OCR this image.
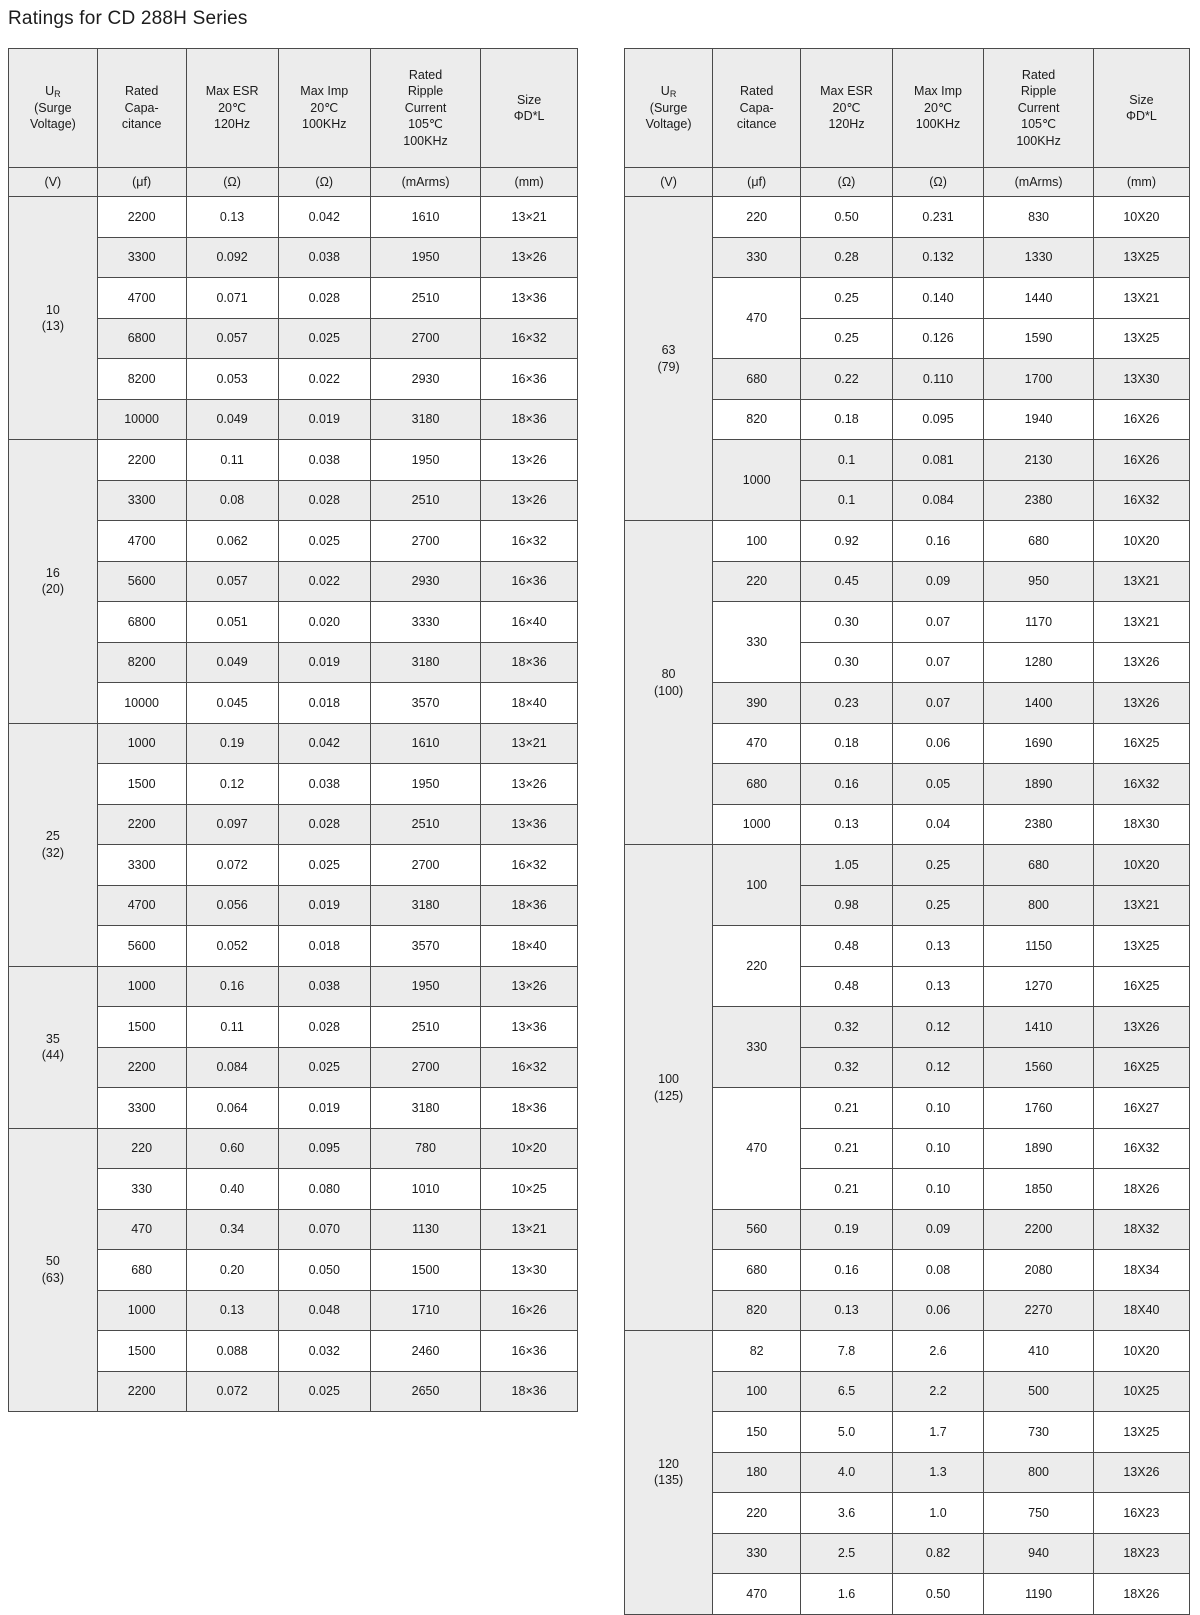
Ratings for CD 288H Series
$U_R$
(Surge
Voltage)	Rated
Capa-
citance	Max ESR
20℃
120Hz	Max Imp
20℃
100KHz	Rated
Ripple
Current
105℃
100KHz	Size
ΦD*L

(V)	(μf)	(Ω)	(Ω)	(mArms)	(mm)

10
(13)	2200	0.13	0.042	1610	13×21
	3300	0.092	0.038	1950	13×26
	4700	0.071	0.028	2510	13×36
	6800	0.057	0.025	2700	16×32
	8200	0.053	0.022	2930	16×36
	10000	0.049	0.019	3180	18×36

16
(20)	2200	0.11	0.038	1950	13×26
	3300	0.08	0.028	2510	13×26
	4700	0.062	0.025	2700	16×32
	5600	0.057	0.022	2930	16×36
	6800	0.051	0.020	3330	16×40
	8200	0.049	0.019	3180	18×36
	10000	0.045	0.018	3570	18×40

25
(32)	1000	0.19	0.042	1610	13×21
	1500	0.12	0.038	1950	13×26
	2200	0.097	0.028	2510	13×36
	3300	0.072	0.025	2700	16×32
	4700	0.056	0.019	3180	18×36
	5600	0.052	0.018	3570	18×40

35
(44)	1000	0.16	0.038	1950	13×26
	1500	0.11	0.028	2510	13×36
	2200	0.084	0.025	2700	16×32
	3300	0.064	0.019	3180	18×36

50
(63)	220	0.60	0.095	780	10×20
	330	0.40	0.080	1010	10×25
	470	0.34	0.070	1130	13×21
	680	0.20	0.050	1500	13×30
	1000	0.13	0.048	1710	16×26
	1500	0.088	0.032	2460	16×36
	2200	0.072	0.025	2650	18×36
$U_R$
(Surge
Voltage)	Rated
Capa-
citance	Max ESR
20℃
120Hz	Max Imp
20℃
100KHz	Rated
Ripple
Current
105℃
100KHz	Size
ΦD*L

(V)	(μf)	(Ω)	(Ω)	(mArms)	(mm)

63
(79)	220	0.50	0.231	830	10X20
	330	0.28	0.132	1330	13X25
	470	0.25	0.140	1440	13X21
		0.25	0.126	1590	13X25
	680	0.22	0.110	1700	13X30
	820	0.18	0.095	1940	16X26
	1000	0.1	0.081	2130	16X26
		0.1	0.084	2380	16X32

80
(100)	100	0.92	0.16	680	10X20
	220	0.45	0.09	950	13X21
	330	0.30	0.07	1170	13X21
		0.30	0.07	1280	13X26
	390	0.23	0.07	1400	13X26
	470	0.18	0.06	1690	16X25
	680	0.16	0.05	1890	16X32
	1000	0.13	0.04	2380	18X30

100
(125)	100	1.05	0.25	680	10X20
		0.98	0.25	800	13X21
	220	0.48	0.13	1150	13X25
		0.48	0.13	1270	16X25
	330	0.32	0.12	1410	13X26
		0.32	0.12	1560	16X25
	470	0.21	0.10	1760	16X27
		0.21	0.10	1890	16X32
		0.21	0.10	1850	18X26
	560	0.19	0.09	2200	18X32
	680	0.16	0.08	2080	18X34
	820	0.13	0.06	2270	18X40

120
(135)	82	7.8	2.6	410	10X20
	100	6.5	2.2	500	10X25
	150	5.0	1.7	730	13X25
	180	4.0	1.3	800	13X26
	220	3.6	1.0	750	16X23
	330	2.5	0.82	940	18X23
	470	1.6	0.50	1190	18X26
